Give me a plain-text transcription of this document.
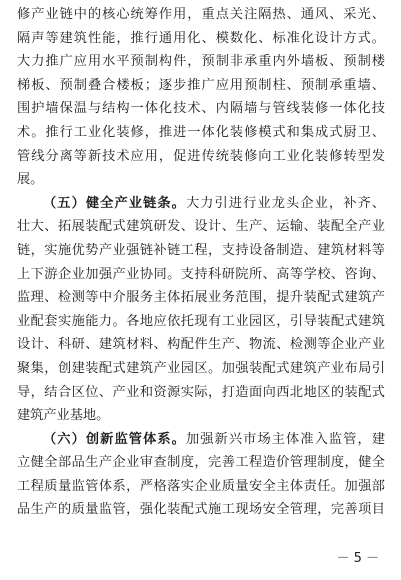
修产业链中的核心统筹作用，重点关注隔热、通风、采光、
隔声等建筑性能，推行通用化、模数化、标准化设计方式。
大力推广应用水平预制构件，预制非承重内外墙板、预制楼
梯板、预制叠合楼板；逐步推广应用预制柱、预制承重墙、
围护墙保温与结构一体化技术、内隔墙与管线装修一体化技
术。推行工业化装修，推进一体化装修模式和集成式厨卫、
管线分离等新技术应用，促进传统装修向工业化装修转型发
展。
（五）健全产业链条。大力引进行业龙头企业，补齐、
壮大、拓展装配式建筑研发、设计、生产、运输、装配全产业
链，实施优势产业强链补链工程，支持设备制造、建筑材料等
上下游企业加强产业协同。支持科研院所、高等学校、咨询、
监理、检测等中介服务主体拓展业务范围，提升装配式建筑产
业配套实施能力。各地应依托现有工业园区，引导装配式建筑
设计、科研、建筑材料、构配件生产、物流、检测等企业产业
聚集，创建装配式建筑产业园区。加强装配式建筑产业布局引
导，结合区位、产业和资源实际，打造面向西北地区的装配式
建筑产业基地。
（六）创新监管体系。加强新兴市场主体准入监管，建
立健全部品生产企业审查制度，完善工程造价管理制度，健全
工程质量监管体系，严格落实企业质量安全主体责任。加强部
品生产的质量监管，强化装配式施工现场安全管理，完善项目
－ 5 －
